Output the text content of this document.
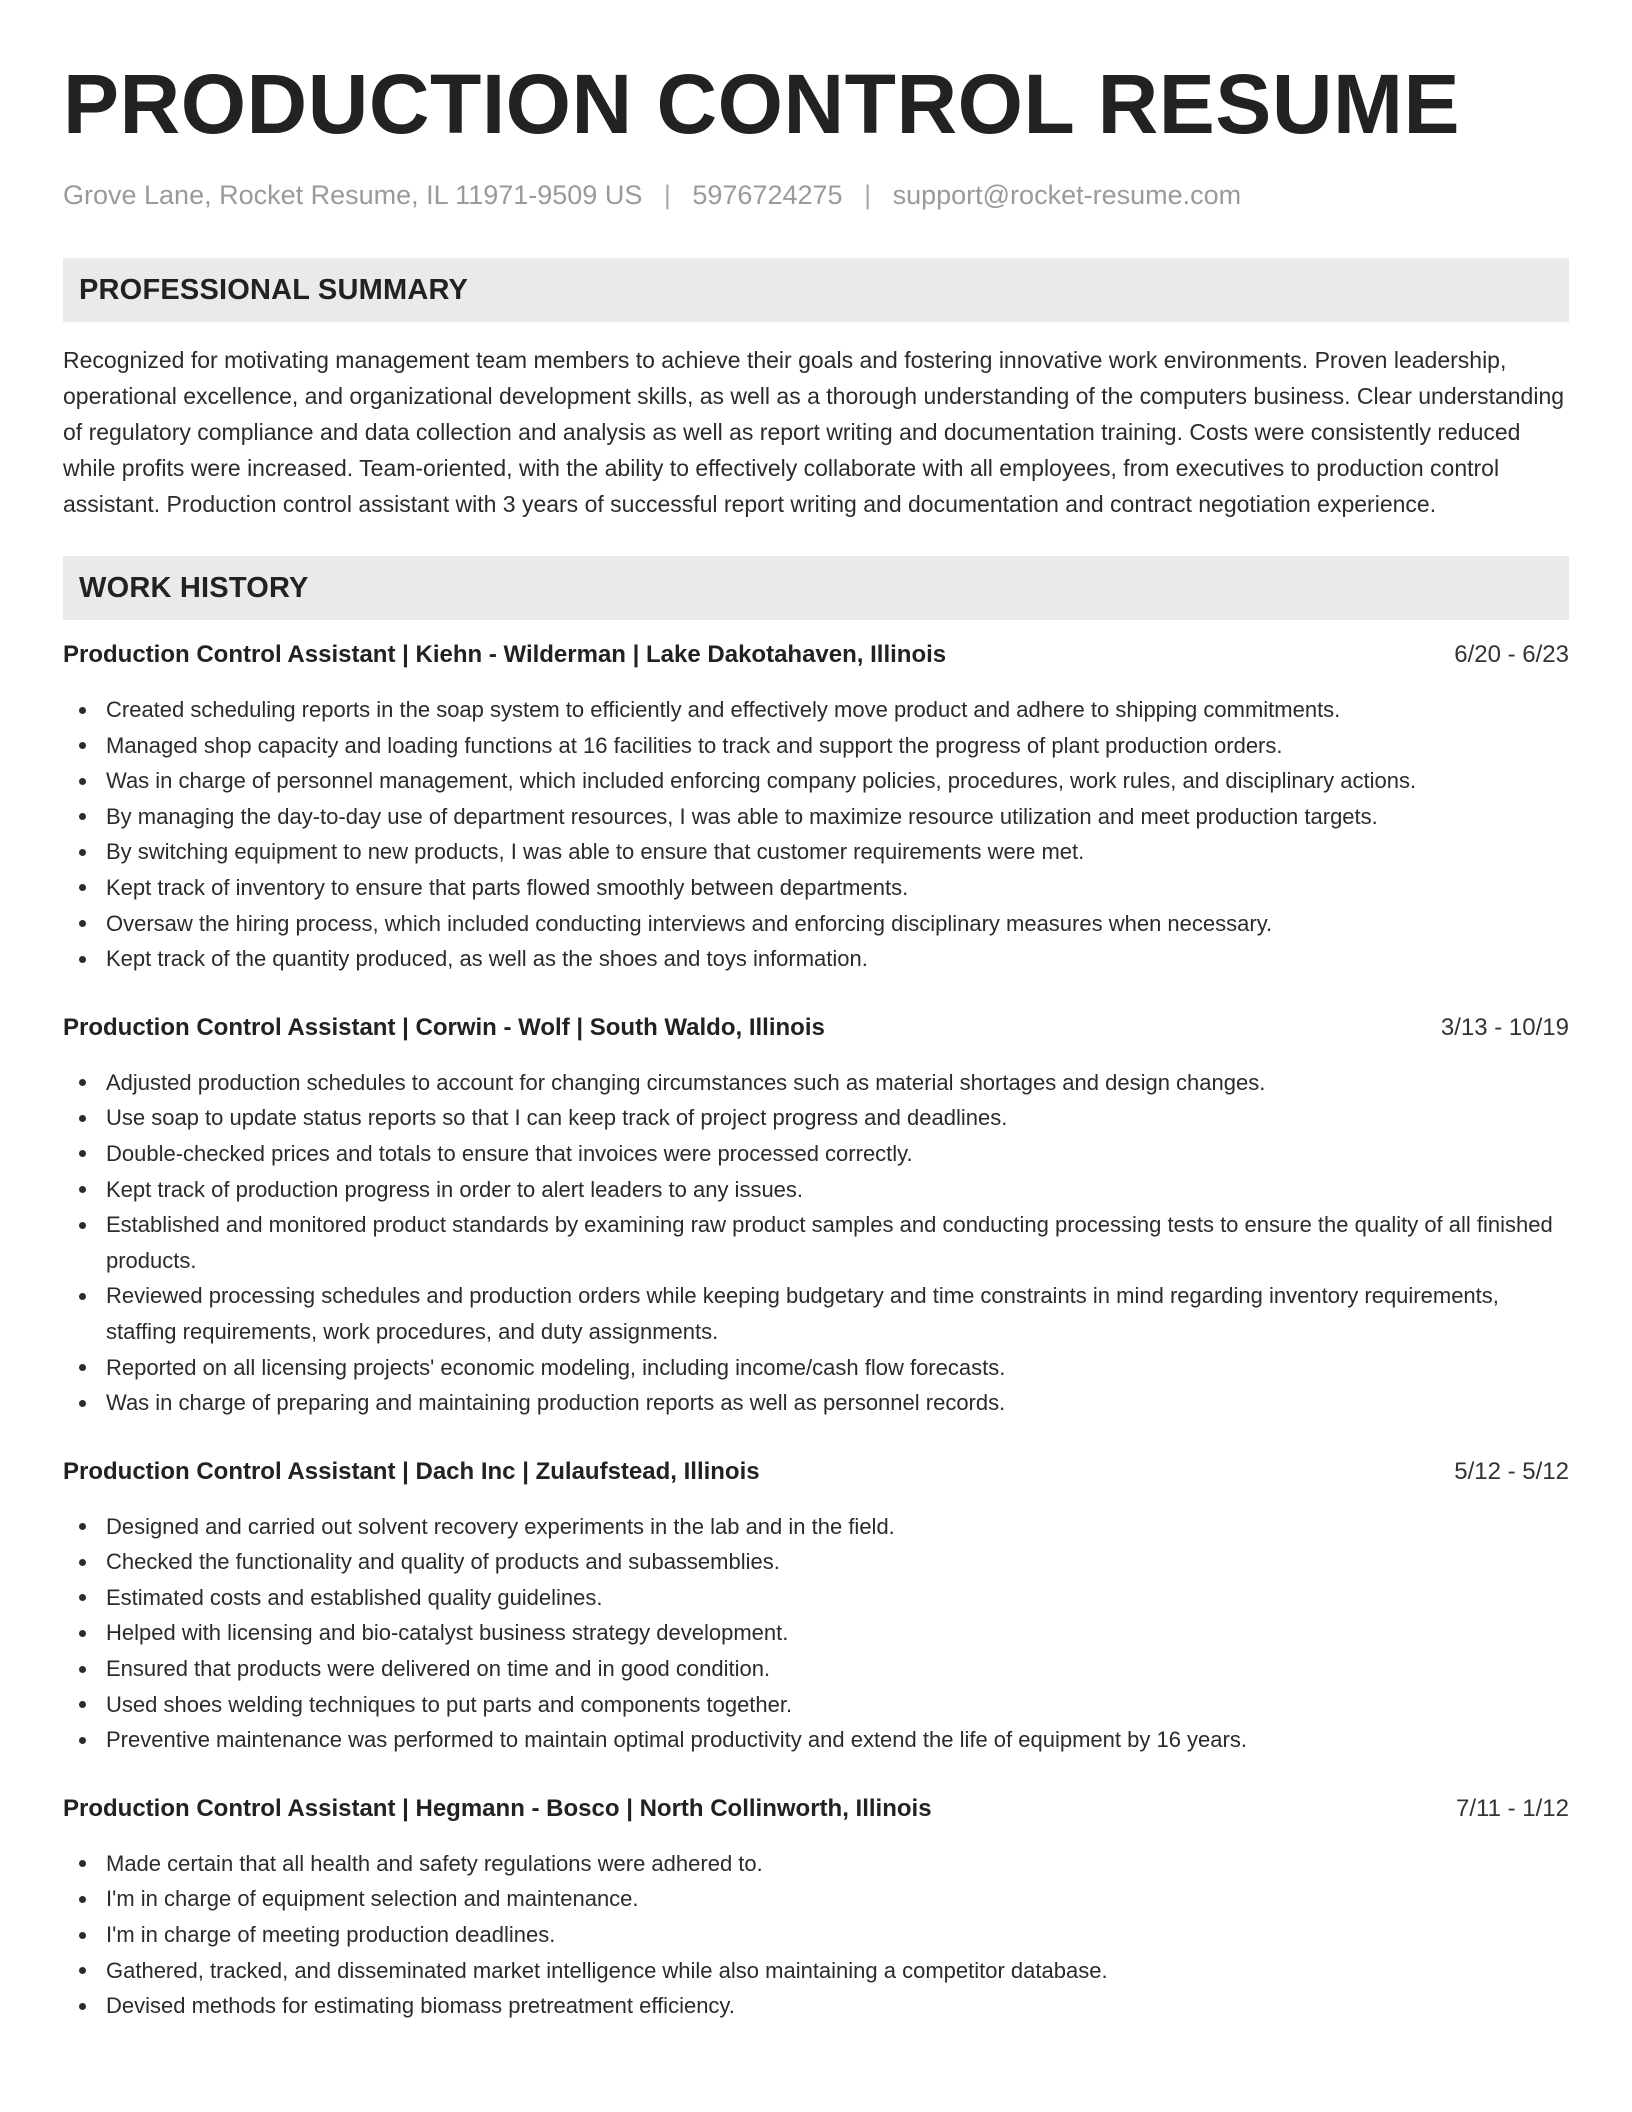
PRODUCTION CONTROL RESUME
Grove Lane, Rocket Resume, IL 11971-9509 US | 5976724275 | support@rocket-resume.com
PROFESSIONAL SUMMARY

Recognized for motivating management team members to achieve their goals and fostering innovative work environments. Proven leadership, operational excellence, and organizational development skills, as well as a thorough understanding of the computers business. Clear understanding of regulatory compliance and data collection and analysis as well as report writing and documentation training. Costs were consistently reduced while profits were increased. Team-oriented, with the ability to effectively collaborate with all employees, from executives to production control assistant. Production control assistant with 3 years of successful report writing and documentation and contract negotiation experience.

WORK HISTORY
Production Control Assistant | Kiehn - Wilderman | Lake Dakotahaven, Illinois	6/20 - 6/23
Created scheduling reports in the soap system to efficiently and effectively move product and adhere to shipping commitments.
Managed shop capacity and loading functions at 16 facilities to track and support the progress of plant production orders.
Was in charge of personnel management, which included enforcing company policies, procedures, work rules, and disciplinary actions.
By managing the day-to-day use of department resources, I was able to maximize resource utilization and meet production targets.
By switching equipment to new products, I was able to ensure that customer requirements were met.
Kept track of inventory to ensure that parts flowed smoothly between departments.
Oversaw the hiring process, which included conducting interviews and enforcing disciplinary measures when necessary.
Kept track of the quantity produced, as well as the shoes and toys information.
Production Control Assistant | Corwin - Wolf | South Waldo, Illinois	3/13 - 10/19
Adjusted production schedules to account for changing circumstances such as material shortages and design changes.
Use soap to update status reports so that I can keep track of project progress and deadlines.
Double-checked prices and totals to ensure that invoices were processed correctly.
Kept track of production progress in order to alert leaders to any issues.
Established and monitored product standards by examining raw product samples and conducting processing tests to ensure the quality of all finished products.
Reviewed processing schedules and production orders while keeping budgetary and time constraints in mind regarding inventory requirements, staffing requirements, work procedures, and duty assignments.
Reported on all licensing projects' economic modeling, including income/cash flow forecasts.
Was in charge of preparing and maintaining production reports as well as personnel records.
Production Control Assistant | Dach Inc | Zulaufstead, Illinois	5/12 - 5/12
Designed and carried out solvent recovery experiments in the lab and in the field.
Checked the functionality and quality of products and subassemblies.
Estimated costs and established quality guidelines.
Helped with licensing and bio-catalyst business strategy development.
Ensured that products were delivered on time and in good condition.
Used shoes welding techniques to put parts and components together.
Preventive maintenance was performed to maintain optimal productivity and extend the life of equipment by 16 years.
Production Control Assistant | Hegmann - Bosco | North Collinworth, Illinois	7/11 - 1/12
Made certain that all health and safety regulations were adhered to.
I'm in charge of equipment selection and maintenance.
I'm in charge of meeting production deadlines.
Gathered, tracked, and disseminated market intelligence while also maintaining a competitor database.
Devised methods for estimating biomass pretreatment efficiency.
